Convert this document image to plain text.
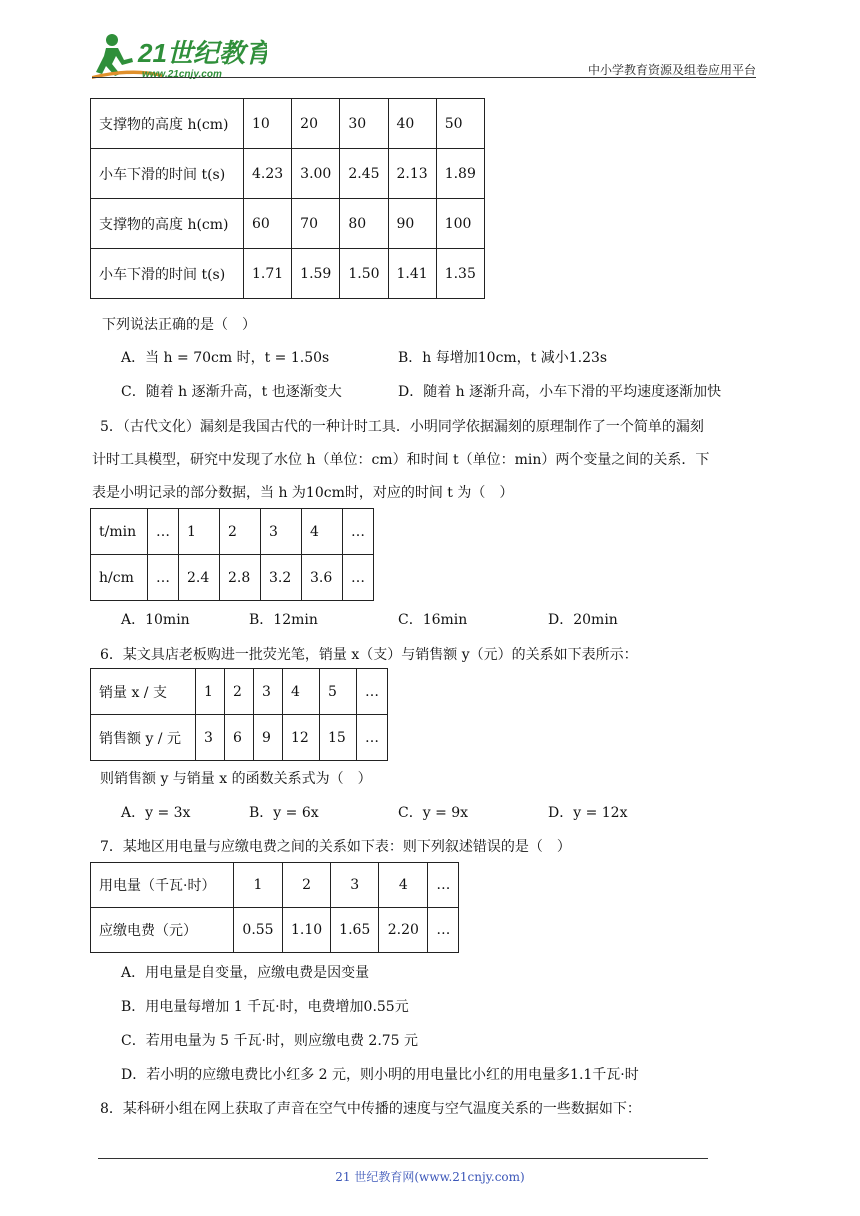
21世纪教育
www.21cnjy.com	中小学教育资源及组卷应用平台
支撑物的高度 h(cm)	10	20	30	40	50
小车下滑的时间 t(s)	4.23	3.00	2.45	2.13	1.89
支撑物的高度 h(cm)	60	70	80	90	100
小车下滑的时间 t(s)	1.71	1.59	1.50	1.41	1.35
下列说法正确的是（　）
A．当 h = 70cm 时，t = 1.50s	B．h 每增加10cm，t 减小1.23s
C．随着 h 逐渐升高，t 也逐渐变大	D．随着 h 逐渐升高，小车下滑的平均速度逐渐加快
5．（古代文化）漏刻是我国古代的一种计时工具．小明同学依据漏刻的原理制作了一个简单的漏刻
计时工具模型，研究中发现了水位 h（单位：cm）和时间 t（单位：min）两个变量之间的关系．下
表是小明记录的部分数据，当 h 为10cm时，对应的时间 t 为（　）
t/min	…	1	2	3	4	…
h/cm	…	2.4	2.8	3.2	3.6	…
A．10min	B．12min	C．16min	D．20min
6．某文具店老板购进一批荧光笔，销量 x（支）与销售额 y（元）的关系如下表所示：
销量 x / 支	1	2	3	4	5	…
销售额 y / 元	3	6	9	12	15	…
则销售额 y 与销量 x 的函数关系式为（　）
A．y = 3x	B．y = 6x	C．y = 9x	D．y = 12x
7．某地区用电量与应缴电费之间的关系如下表：则下列叙述错误的是（　）
用电量（千瓦·时）	1	2	3	4	…
应缴电费（元）	0.55	1.10	1.65	2.20	…
A．用电量是自变量，应缴电费是因变量
B．用电量每增加 1 千瓦·时，电费增加0.55元
C．若用电量为 5 千瓦·时，则应缴电费 2.75 元
D．若小明的应缴电费比小红多 2 元，则小明的用电量比小红的用电量多1.1千瓦·时
8．某科研小组在网上获取了声音在空气中传播的速度与空气温度关系的一些数据如下：
21 世纪教育网(www.21cnjy.com)
